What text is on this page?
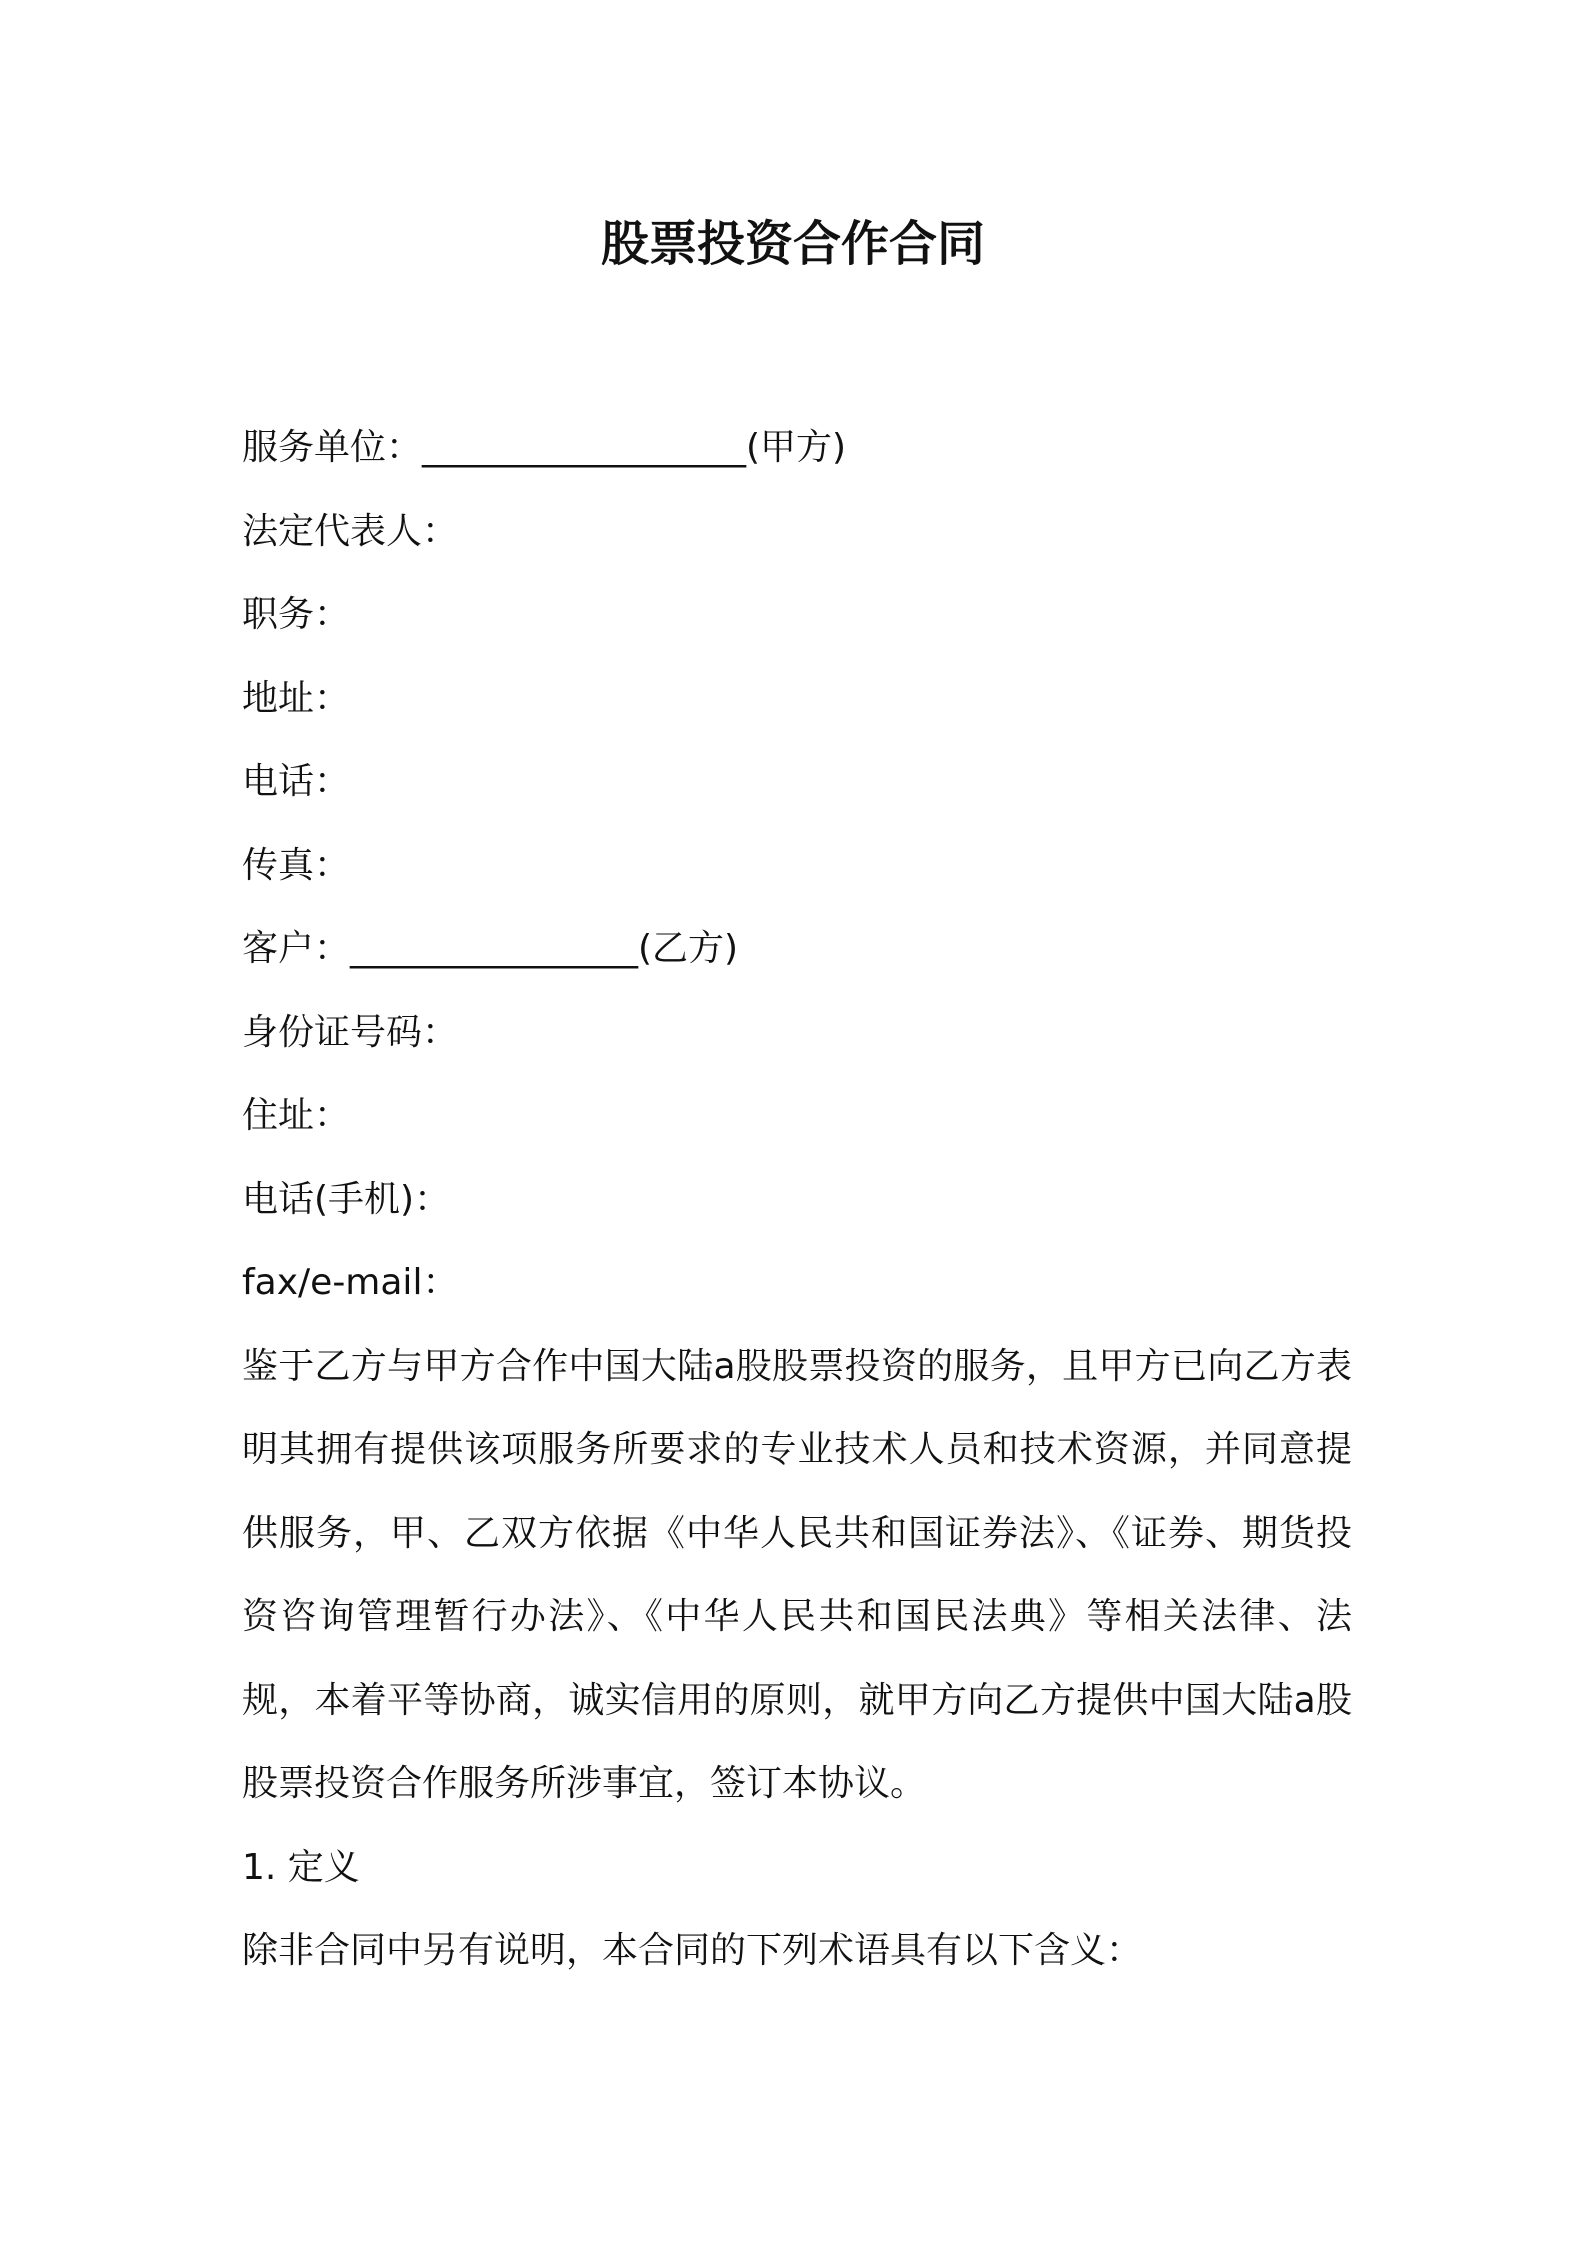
股票投资合作合同
服务单位：__________________(甲方)
法定代表人：
职务：
地址：
电话：
传真：
客户：________________(乙方)
身份证号码：
住址：
电话(手机)：
fax/e-mail：

鉴于乙方与甲方合作中国大陆a股股票投资的服务，且甲方已向乙方表明其拥有提供该项服务所要求的专业技术人员和技术资源，并同意提供服务，甲、乙双方依据《中华人民共和国证券法》、《证券、期货投资咨询管理暂行办法》、《中华人民共和国民法典》等相关法律、法规，本着平等协商，诚实信用的原则，就甲方向乙方提供中国大陆a股股票投资合作服务所涉事宜，签订本协议。

1. 定义
除非合同中另有说明，本合同的下列术语具有以下含义：
